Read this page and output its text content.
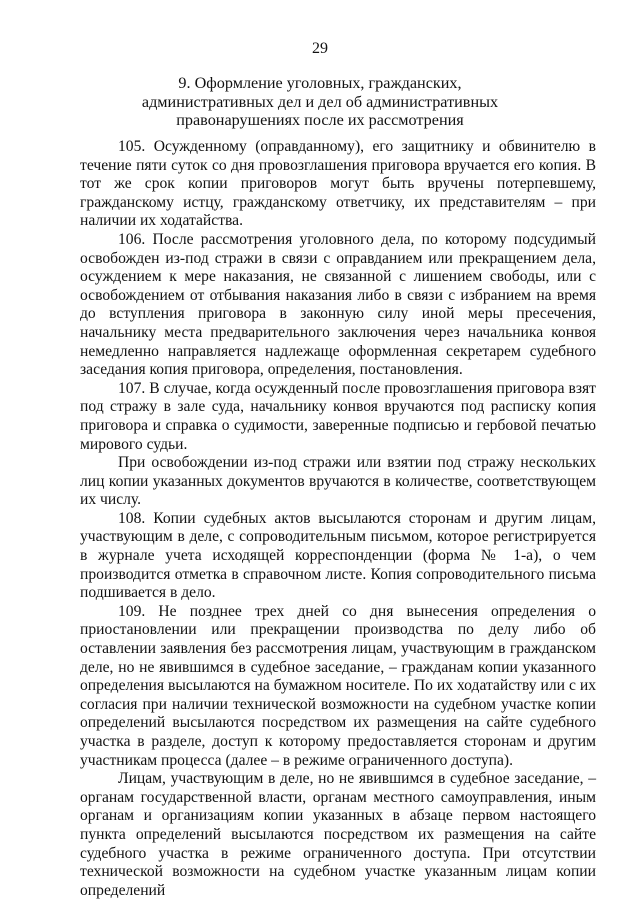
29
9. Оформление уголовных, гражданских,
административных дел и дел об административных
правонарушениях после их рассмотрения

105. Осужденному (оправданному), его защитнику и обвинителю в течение пяти суток со дня провозглашения приговора вручается его копия. В тот же срок копии приговоров могут быть вручены потерпевшему, гражданскому истцу, гражданскому ответчику, их представителям – при наличии их ходатайства.

106. После рассмотрения уголовного дела, по которому подсудимый освобожден из-под стражи в связи с оправданием или прекращением дела, осуждением к мере наказания, не связанной с лишением свободы, или с освобождением от отбывания наказания либо в связи с избранием на время до вступления приговора в законную силу иной меры пресечения, начальнику места предварительного заключения через начальника конвоя немедленно направляется надлежаще оформленная секретарем судебного заседания копия приговора, определения, постановления.

107. В случае, когда осужденный после провозглашения приговора взят под стражу в зале суда, начальнику конвоя вручаются под расписку копия приговора и справка о судимости, заверенные подписью и гербовой печатью мирового судьи.

При освобождении из-под стражи или взятии под стражу нескольких лиц копии указанных документов вручаются в количестве, соответствующем их числу.

108. Копии судебных актов высылаются сторонам и другим лицам, участвующим в деле, с сопроводительным письмом, которое регистрируется в журнале учета исходящей корреспонденции (форма № 1-а), о чем производится отметка в справочном листе. Копия сопроводительного письма подшивается в дело.

109. Не позднее трех дней со дня вынесения определения о приостановлении или прекращении производства по делу либо об оставлении заявления без рассмотрения лицам, участвующим в гражданском деле, но не явившимся в судебное заседание, – гражданам копии указанного определения высылаются на бумажном носителе. По их ходатайству или с их согласия при наличии технической возможности на судебном участке копии определений высылаются посредством их размещения на сайте судебного участка в разделе, доступ к которому предоставляется сторонам и другим участникам процесса (далее – в режиме ограниченного доступа).

Лицам, участвующим в деле, но не явившимся в судебное заседание, – органам государственной власти, органам местного самоуправления, иным органам и организациям копии указанных в абзаце первом настоящего пункта определений высылаются посредством их размещения на сайте судебного участка в режиме ограниченного доступа. При отсутствии технической возможности на судебном участке указанным лицам копии определений
